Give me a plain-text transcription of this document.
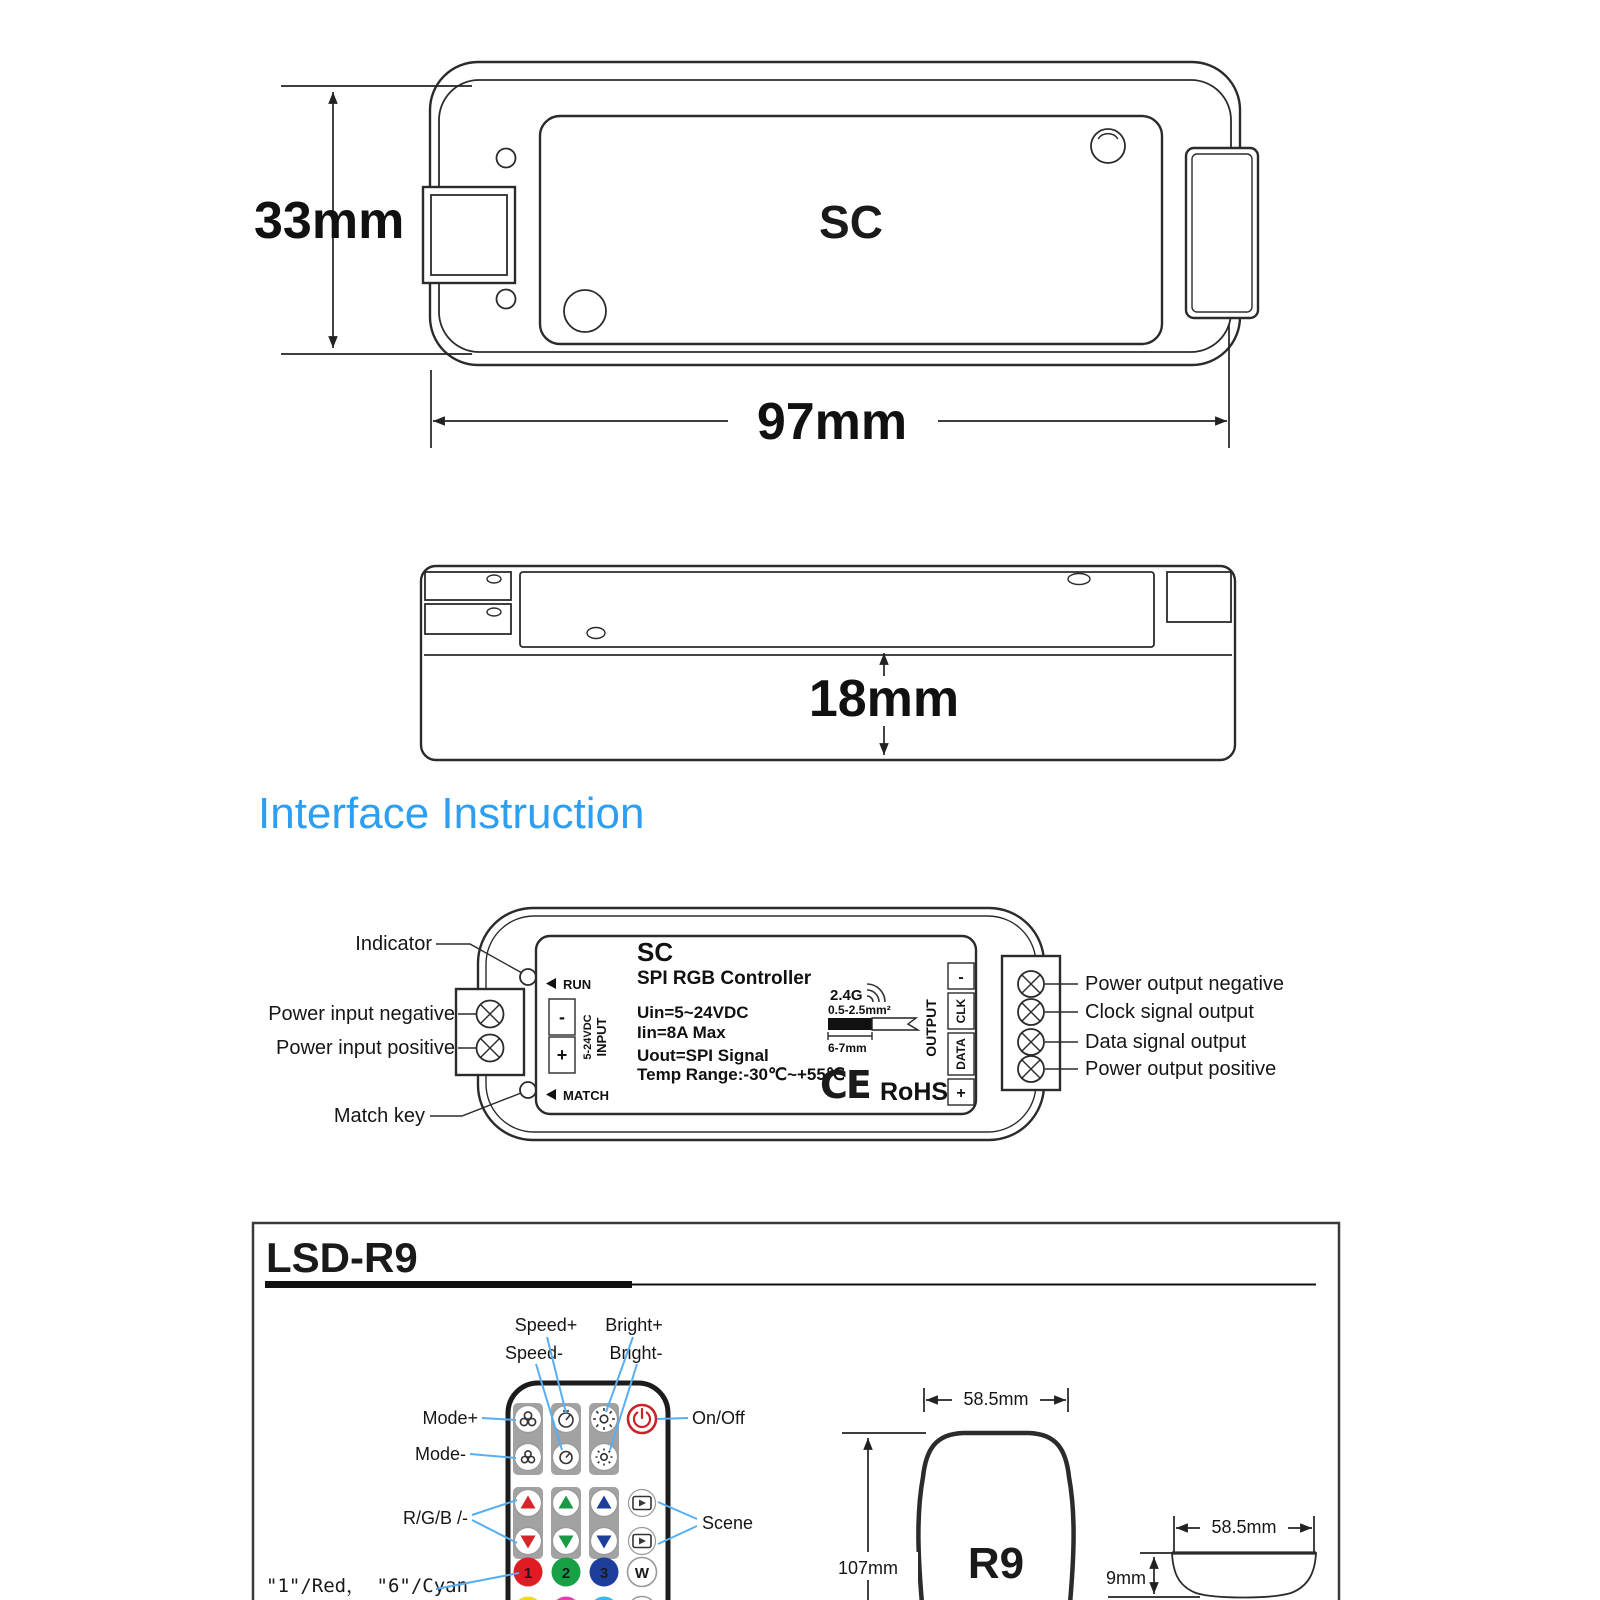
SC
33mm
97mm
18mm
Interface Instruction
RUN
MATCH
-
+ 5-24VDC INPUT
SC
SPI RGB Controller
Uin=5~24VDC
Iin=8A Max
Uout=SPI Signal
Temp Range:-30℃~+55℃
2.4G
0.5-2.5mm²
6-7mm
CE RoHS
OUTPUT
-
CLK
DATA
+
Indicator
Power input negative
Power input positive
Match key
Power output negative
Clock signal output
Data signal output
Power output positive
LSD-R9
1 2 3 W
Speed+ Bright+
Speed-	Bright-
Mode+
Mode-
On/Off
R/G/B /-	Scene
"1"/Red， "6"/Cyan
58.5mm
R9
107mm
58.5mm
9mm
